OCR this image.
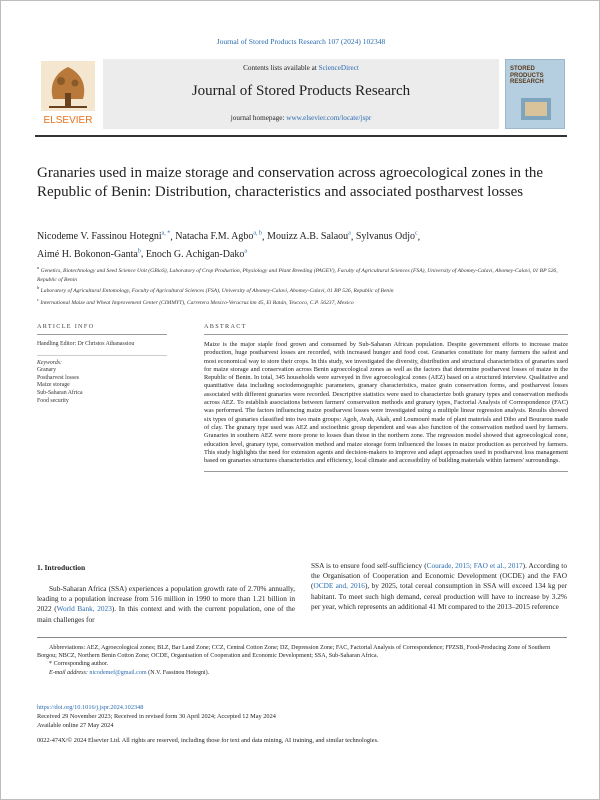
Journal of Stored Products Research 107 (2024) 102348
ELSEVIER
Contents lists available at ScienceDirect
Journal of Stored Products Research
journal homepage: www.elsevier.com/locate/jspr
STORED PRODUCTS RESEARCH
Granaries used in maize storage and conservation across agroecological zones in the Republic of Benin: Distribution, characteristics and associated postharvest losses
Nicodeme V. Fassinou Hotegni$^{a, *}$, Natacha F.M. Agbo$^{a, b}$, Mouizz A.B. Salaou$^a$, Sylvanus Odjo$^c$,
Aimé H. Bokonon-Ganta$^b$, Enoch G. Achigan-Dako$^a$
$^a$ Genetics, Biotechnology and Seed Science Unit (GBioS), Laboratory of Crop Production, Physiology and Plant Breeding (PAGEV), Faculty of Agricultural Sciences (FSA), University of Abomey-Calavi, Abomey-Calavi, 01 BP 526, Republic of Benin
$^b$ Laboratory of Agricultural Entomology, Faculty of Agricultural Sciences (FSA), University of Abomey-Calavi, Abomey-Calavi, 01 BP 526, Republic of Benin
$^c$ International Maize and Wheat Improvement Center (CIMMYT), Carretera Mexico-Veracruz km 45, El Batán, Texcoco, C.P. 56237, Mexico
ARTICLE INFO
Handling Editor: Dr Christos Athanassiou
Keywords:
Granary
Postharvest losses
Maize storage
Sub-Saharan Africa
Food security
ABSTRACT

Maize is the major staple food grown and consumed by Sub-Saharan African population. Despite government efforts to increase maize production, huge postharvest losses are recorded, with increased hunger and food cost. Granaries constitute for many farmers the safest and most economical way to store their crops. In this study, we investigated the diversity, distribution and structural characteristics of granaries used for maize storage and conservation across Benin agroecological zones as well as the factors that determine postharvest losses of maize in the Republic of Benin. In total, 345 households were surveyed in five agroecological zones (AEZ) based on a structured interview. Qualitative and quantitative data including sociodemographic parameters, granary characteristics, maize grain conservation forms, and postharvest losses associated with different granaries were recorded. Descriptive statistics were used to characterize both granary types and conservation methods across AEZ. To establish associations between farmers' conservation methods and granary types, Factorial Analysis of Correspondence (FAC) was performed. The factors influencing maize postharvest losses were investigated using a multiple linear regression analysis. Results showed six types of granaries classified into two main groups: Agoh, Avah, Akah, and Loumouré made of plant materials and Dibo and Bourarou made of clay. The granary type used was AEZ and socioethnic group dependent and was also function of the conservation method used by farmers. Granaries in southern AEZ were more prone to losses than those in the northern zone. The regression model showed that agroecological zone, education level, granary type, conservation method and maize storage form influenced the losses in maize production as perceived by farmers. This study highlights the need for extension agents and decision-makers to improve and adapt approaches used in postharvest loss management based on granaries structures characteristics and efficiency, local climate and accessibility of building materials within farmers' surroundings.

1. Introduction

Sub-Saharan Africa (SSA) experiences a population growth rate of 2.70% annually, leading to a population increase from 516 million in 1990 to more than 1.21 billion in 2022 (World Bank, 2023). In this context and with the current population, one of the main challenges for

SSA is to ensure food self-sufficiency (Courade, 2015; FAO et al., 2017). According to the Organisation of Cooperation and Economic Development (OCDE) and the FAO (OCDE and, 2016), by 2025, total cereal consumption in SSA will exceed 134 kg per habitant. To meet such high demand, cereal production will have to increase by 3.2% per year, which represents an additional 41 Mt compared to the 2013–2015 reference

Abbreviations: AEZ, Agroecological zones; BLZ, Bar Land Zone; CCZ, Central Cotton Zone; DZ, Depression Zone; FAC, Factorial Analysis of Correspondence; FPZSB, Food-Producing Zone of Southern Borgou; NBCZ, Northern Benin Cotton Zone; OCDE, Organisation of Cooperation and Economic Development; SSA, Sub-Saharan Africa.

* Corresponding author.

E-mail address: nicodemef@gmail.com (N.V. Fassinou Hotegni).

https://doi.org/10.1016/j.jspr.2024.102348
Received 29 November 2023; Received in revised form 30 April 2024; Accepted 12 May 2024
Available online 27 May 2024
0022-474X/© 2024 Elsevier Ltd. All rights are reserved, including those for text and data mining, AI training, and similar technologies.
